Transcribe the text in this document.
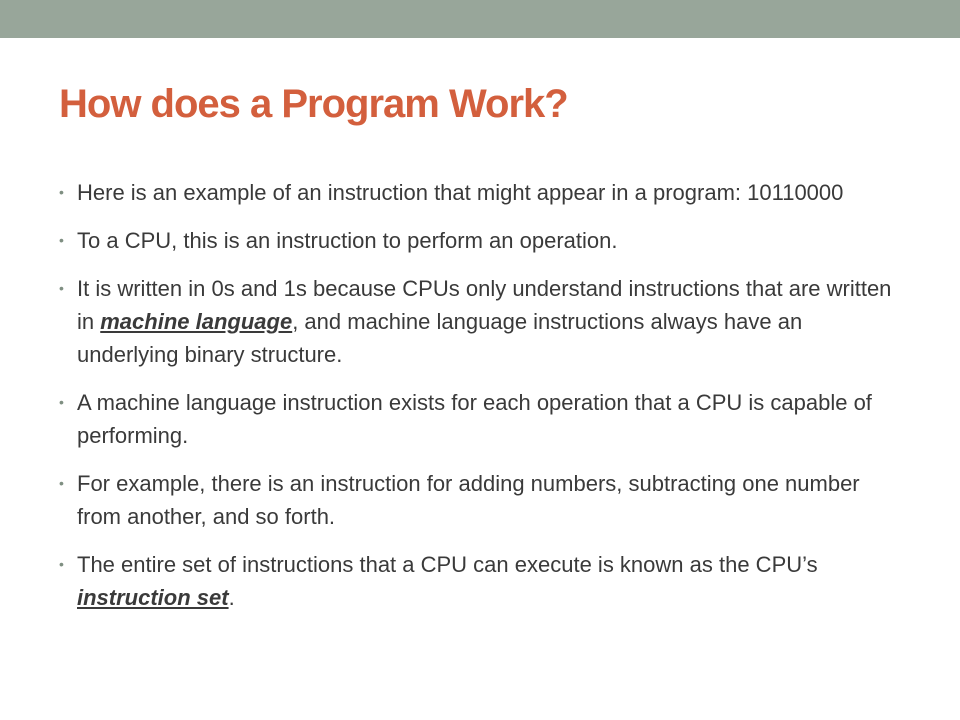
How does a Program Work?
• Here is an example of an instruction that might appear in a program: 10110000
• To a CPU, this is an instruction to perform an operation.
• It is written in 0s and 1s because CPUs only understand instructions that are written in machine language, and machine language instructions always have an underlying binary structure.
• A machine language instruction exists for each operation that a CPU is capable of performing.
• For example, there is an instruction for adding numbers, subtracting one number from another, and so forth.
• The entire set of instructions that a CPU can execute is known as the CPU’s instruction set.
